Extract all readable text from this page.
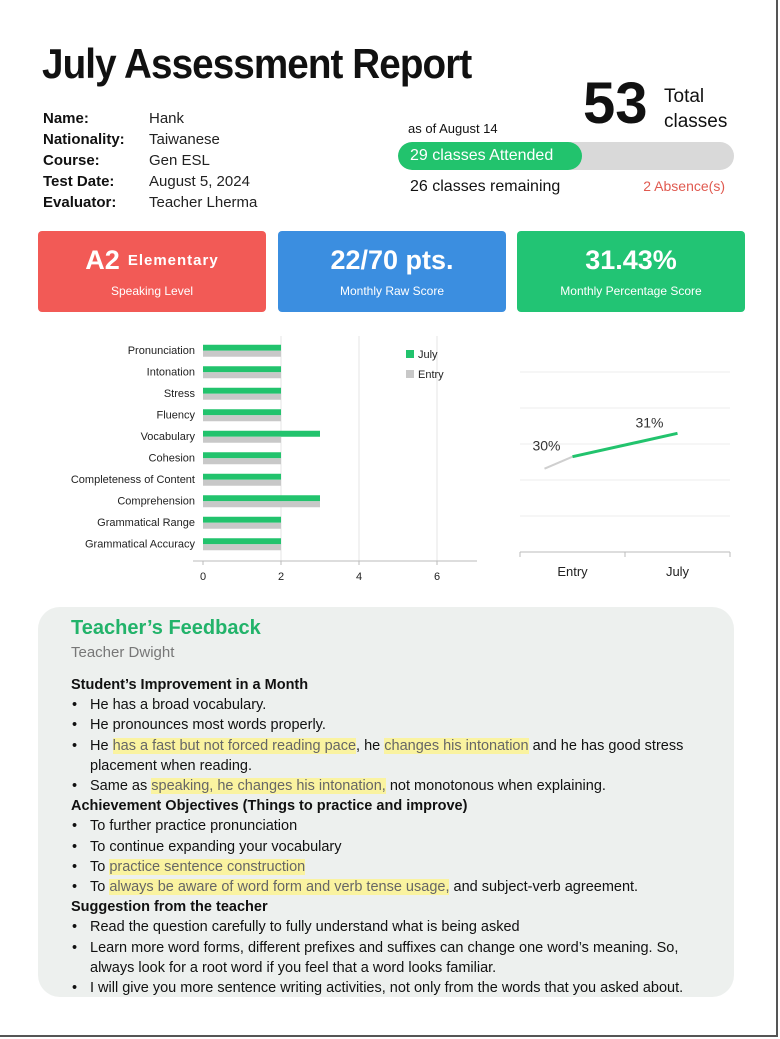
July Assessment Report
Name:	Hank
Nationality:	Taiwanese
Course:	Gen ESL
Test Date:	August 5, 2024
Evaluator:	Teacher Lherma
53 Total
classes
as of August 14
29 classes Attended
26 classes remaining	2 Absence(s)
A2 Elementary
Speaking Level
22/70 pts.
Monthly Raw Score
31.43%
Monthly Percentage Score
Pronunciation
Intonation
Stress
Fluency
Vocabulary
Cohesion
Completeness of Content
Comprehension
Grammatical Range
Grammatical Accuracy
0	2	4	6
July
Entry
30%
31%
Entry	July
Teacher’s Feedback
Teacher Dwight
Student’s Improvement in a Month
• He has a broad vocabulary.
• He pronounces most words properly.
• He has a fast but not forced reading pace, he changes his intonation and he has good stress placement when reading.
• Same as speaking, he changes his intonation, not monotonous when explaining.
Achievement Objectives (Things to practice and improve)
• To further practice pronunciation
• To continue expanding your vocabulary
• To practice sentence construction
• To always be aware of word form and verb tense usage, and subject-verb agreement.
Suggestion from the teacher
• Read the question carefully to fully understand what is being asked
• Learn more word forms, different prefixes and suffixes can change one word’s meaning. So, always look for a root word if you feel that a word looks familiar.
• I will give you more sentence writing activities, not only from the words that you asked about.
